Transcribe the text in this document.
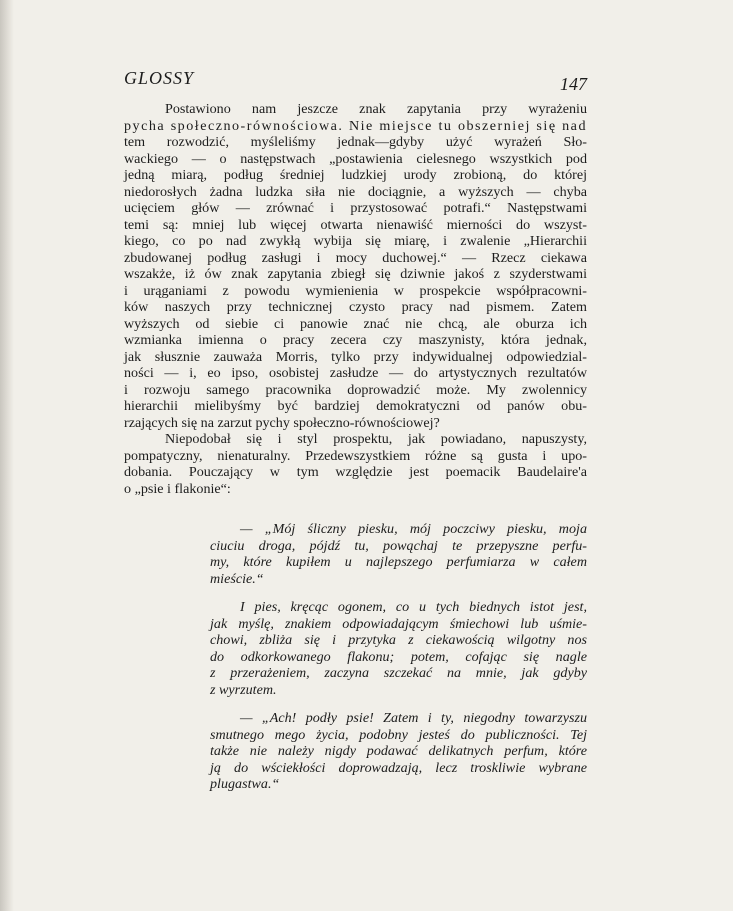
GLOSSY	147
Postawiono nam jeszcze znak zapytania przy wyrażeniu
pycha społeczno-równościowa. Nie miejsce tu obszerniej się nad
tem rozwodzić, myśleliśmy jednak—gdyby użyć wyrażeń Sło-
wackiego — o następstwach „postawienia cielesnego wszystkich pod
jedną miarą, podług średniej ludzkiej urody zrobioną, do której
niedorosłych żadna ludzka siła nie dociągnie, a wyższych — chyba
ucięciem głów — zrównać i przystosować potrafi.“ Następstwami
temi są: mniej lub więcej otwarta nienawiść mierności do wszyst-
kiego, co po nad zwykłą wybija się miarę, i zwalenie „Hierarchii
zbudowanej podług zasługi i mocy duchowej.“ — Rzecz ciekawa
wszakże, iż ów znak zapytania zbiegł się dziwnie jakoś z szyderstwami
i urąganiami z powodu wymienienia w prospekcie współpracowni-
ków naszych przy technicznej czysto pracy nad pismem. Zatem
wyższych od siebie ci panowie znać nie chcą, ale oburza ich
wzmianka imienna o pracy zecera czy maszynisty, która jednak,
jak słusznie zauważa Morris, tylko przy indywidualnej odpowiedzial-
ności — i, eo ipso, osobistej zasłudze — do artystycznych rezultatów
i rozwoju samego pracownika doprowadzić może. My zwolennicy
hierarchii mielibyśmy być bardziej demokratyczni od panów obu-
rzających się na zarzut pychy społeczno-równościowej?
Niepodobał się i styl prospektu, jak powiadano, napuszysty,
pompatyczny, nienaturalny. Przedewszystkiem różne są gusta i upo-
dobania. Pouczający w tym względzie jest poemacik Baudelaire'a
o „psie i flakonie“:
— „Mój śliczny piesku, mój poczciwy piesku, moja
ciuciu droga, pójdź tu, powąchaj te przepyszne perfu-
my, które kupiłem u najlepszego perfumiarza w całem
mieście.“
I pies, kręcąc ogonem, co u tych biednych istot jest,
jak myślę, znakiem odpowiadającym śmiechowi lub uśmie-
chowi, zbliża się i przytyka z ciekawością wilgotny nos
do odkorkowanego flakonu; potem, cofając się nagle
z przerażeniem, zaczyna szczekać na mnie, jak gdyby
z wyrzutem.
— „Ach! podły psie! Zatem i ty, niegodny towarzyszu
smutnego mego życia, podobny jesteś do publiczności. Tej
także nie należy nigdy podawać delikatnych perfum, które
ją do wściekłości doprowadzają, lecz troskliwie wybrane
plugastwa.“
